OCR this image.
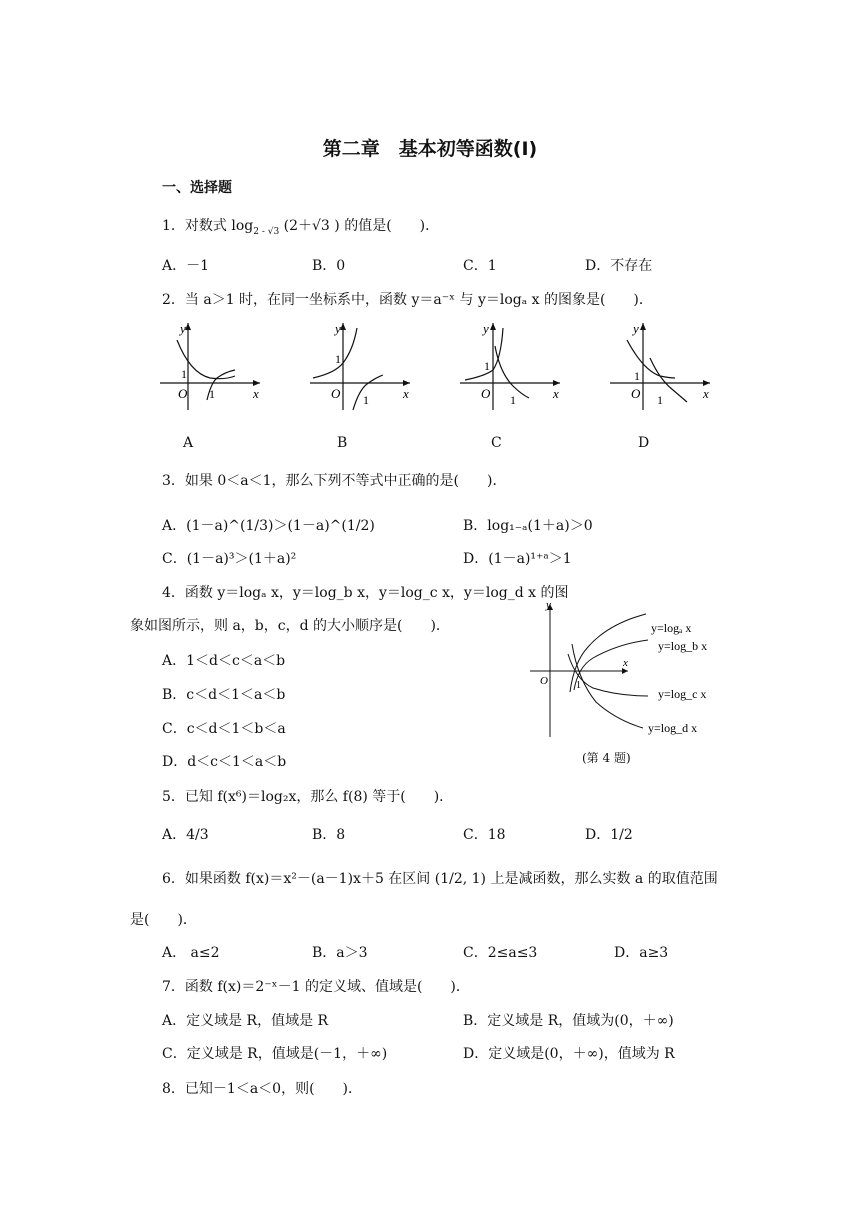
第二章　基本初等函数(Ⅰ)
一、选择题
1．对数式 $\log_{2 - √3} (2+√3$ ) 的值是(　　)．
A．－1	B．0	C．1	D．不存在
2．当 a＞1 时，在同一坐标系中，函数 y＝a⁻ˣ 与 y＝logₐ x 的图象是(　　)．
y
x
O
1
1
y
x
O
1
1
y
x
O
1
1
y
x
O
1
1
A	B	C	D
3．如果 0＜a＜1，那么下列不等式中正确的是(　　)．
A．(1－a)^(1/3)＞(1－a)^(1/2)	B．log₁₋ₐ(1＋a)＞0
C．(1－a)³＞(1＋a)²	D．(1－a)¹⁺ᵃ＞1
4．函数 y＝logₐ x，y＝log_b x，y＝log_c x，y＝log_d x 的图
象如图所示，则 a，b，c，d 的大小顺序是(　　)．
A．1＜d＜c＜a＜b
B．c＜d＜1＜a＜b
C．c＜d＜1＜b＜a
D．d＜c＜1＜a＜b
y
x
O	1
y=logₐ x
y=log_b x
y=log_c x
y=log_d x
(第 4 题)
5．已知 f(x⁶)＝log₂x，那么 f(8) 等于(　　)．
A．4/3	B．8	C．18	D．1/2
6．如果函数 f(x)＝x²－(a－1)x＋5 在区间 (1/2, 1) 上是减函数，那么实数 a 的取值范围
是(　　)．
A． a≤2	B．a＞3	C．2≤a≤3	D．a≥3
7．函数 f(x)＝2⁻ˣ－1 的定义域、值域是(　　)．
A．定义域是 R，值域是 R	B．定义域是 R，值域为(0，＋∞)
C．定义域是 R，值域是(－1，＋∞)	D．定义域是(0，＋∞)，值域为 R
8．已知－1＜a＜0，则(　　)．
